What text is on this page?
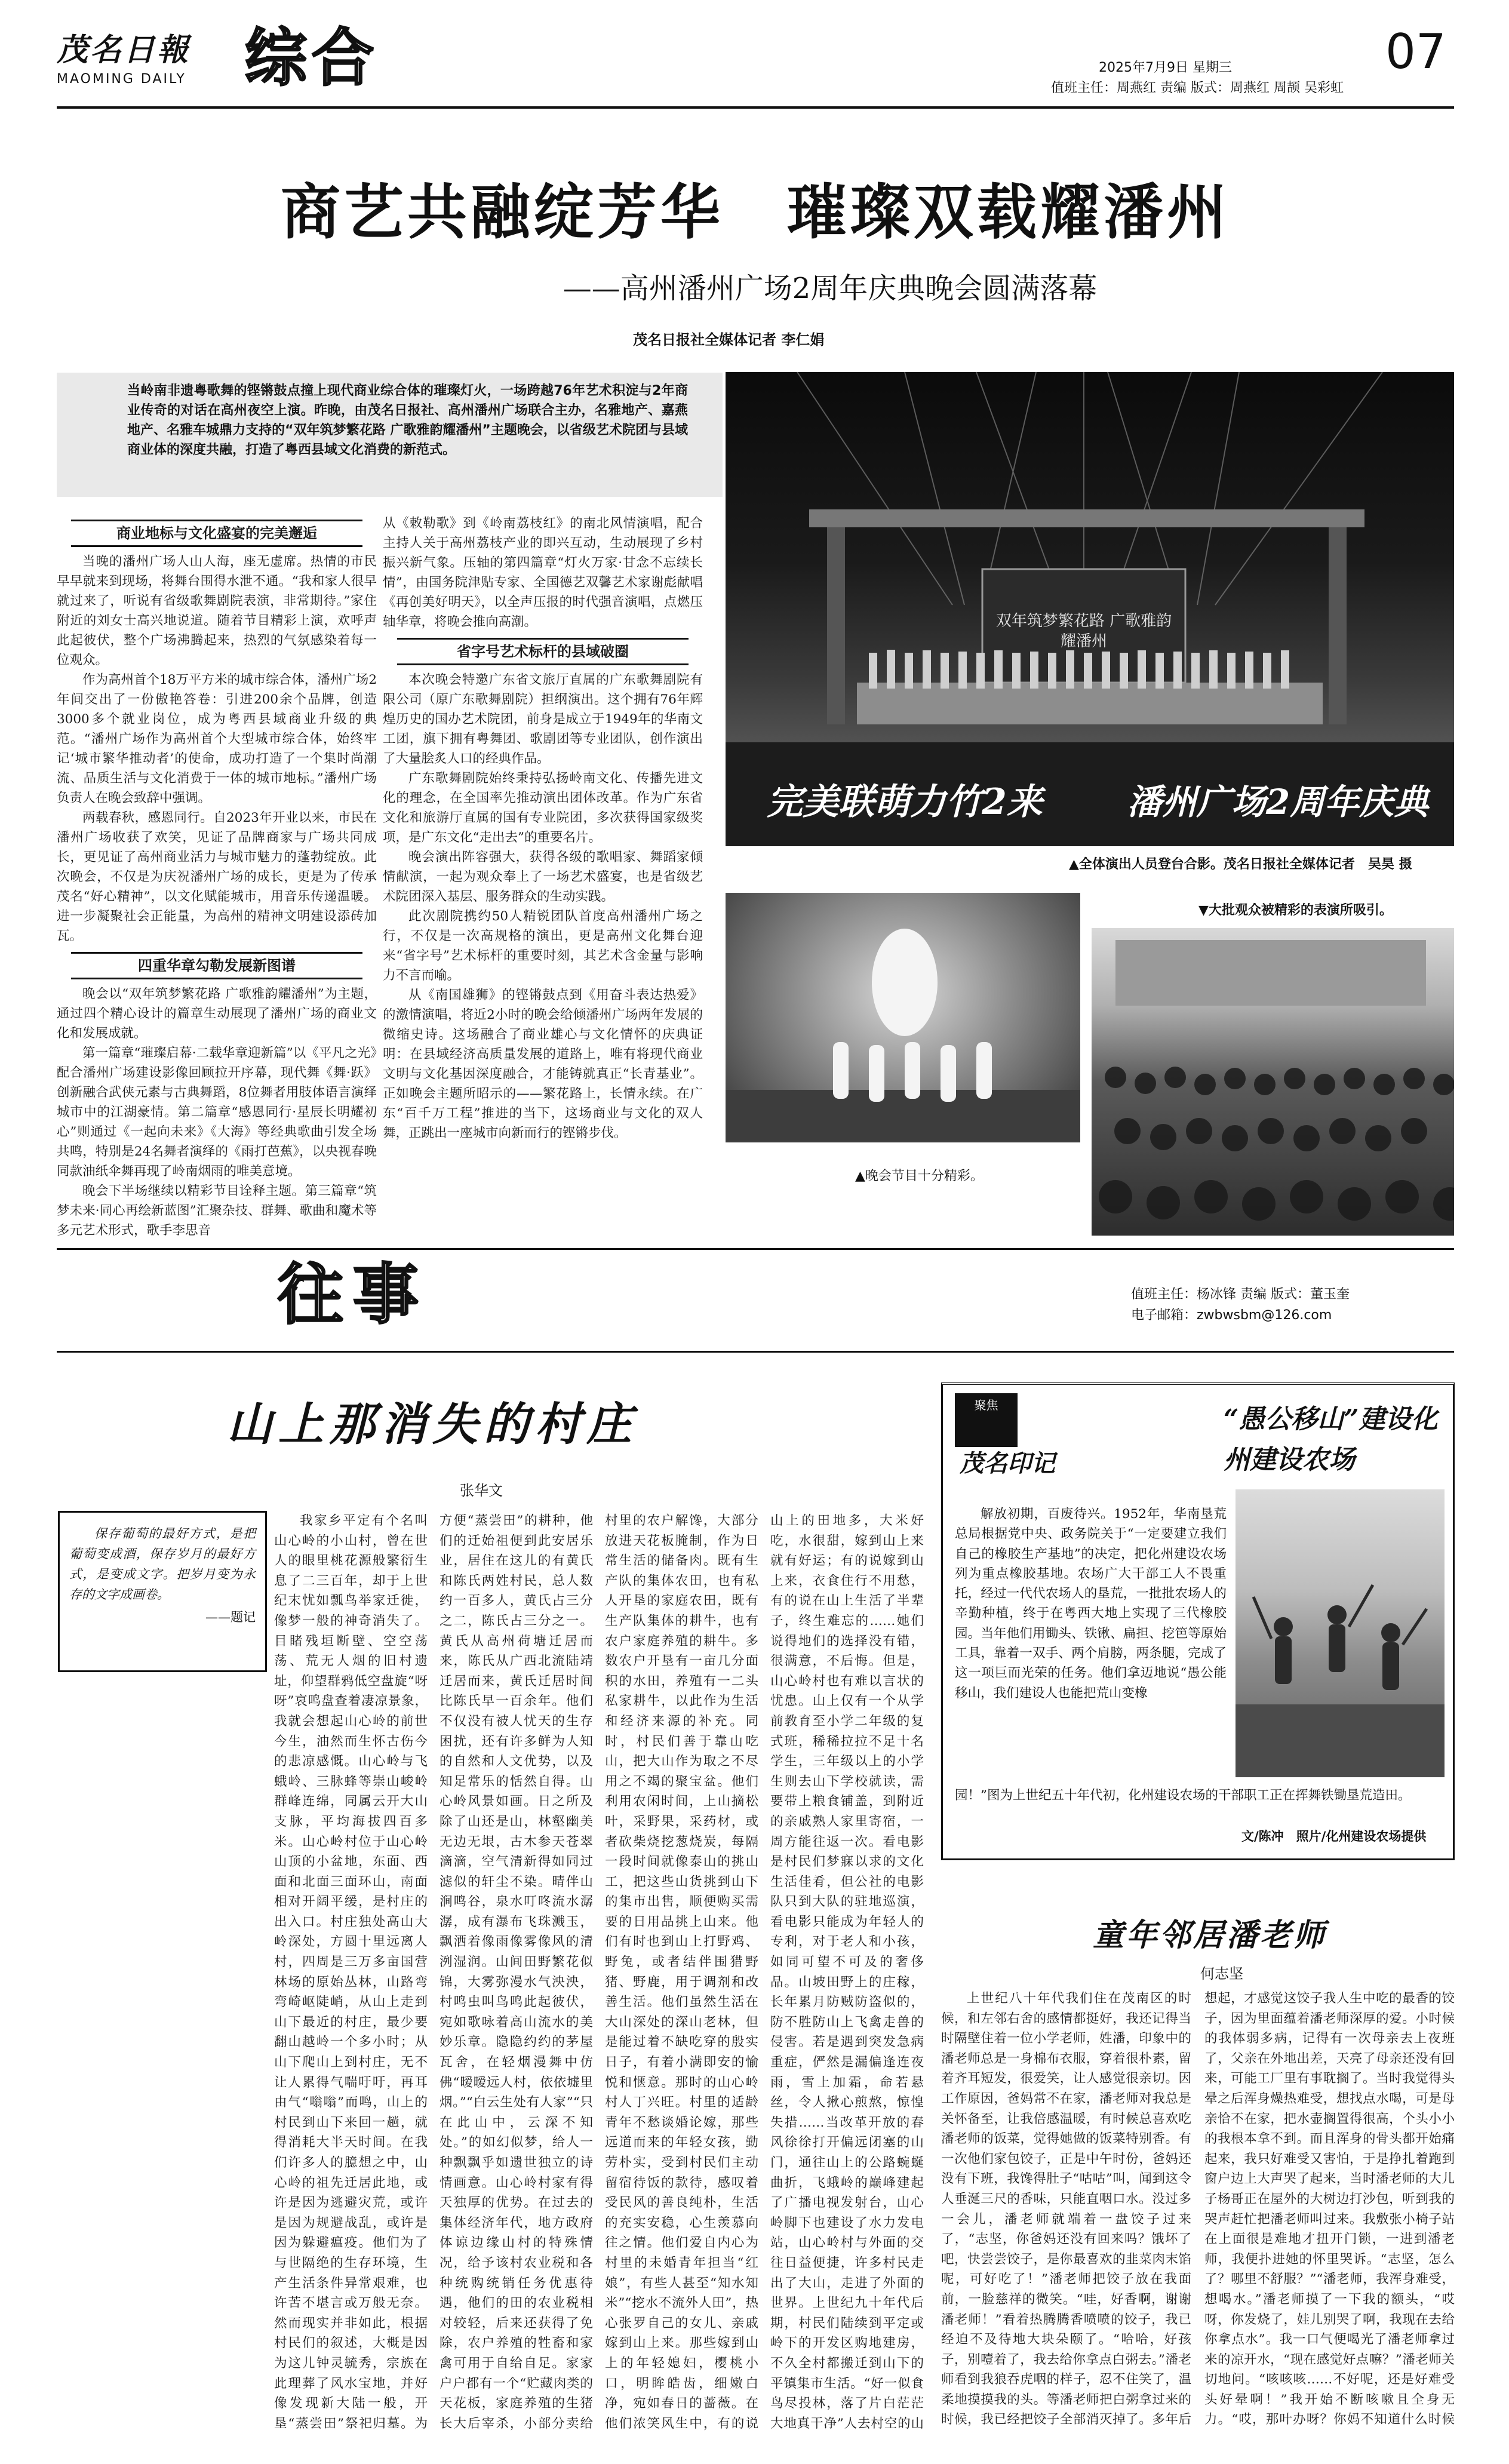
茂名日報
MAOMING DAILY 综合	2025年7月9日 星期三	07
值班主任：周燕红 责编 版式：周燕红 周颉 吴彩虹
商艺共融绽芳华　璀璨双载耀潘州
——高州潘州广场2周年庆典晚会圆满落幕
茂名日报社全媒体记者 李仁娟
当岭南非遗粤歌舞的铿锵鼓点撞上现代商业综合体的璀璨灯火，一场跨越76年艺术积淀与2年商业传奇的对话在高州夜空上演。昨晚，由茂名日报社、高州潘州广场联合主办，名雅地产、嘉燕地产、名雅车城鼎力支持的“双年筑梦繁花路 广歌雅韵耀潘州”主题晚会，以省级艺术院团与县域商业体的深度共融，打造了粤西县域文化消费的新范式。
商业地标与文化盛宴的完美邂逅

当晚的潘州广场人山人海，座无虚席。热情的市民早早就来到现场，将舞台围得水泄不通。“我和家人很早就过来了，听说有省级歌舞剧院表演，非常期待。”家住附近的刘女士高兴地说道。随着节目精彩上演，欢呼声此起彼伏，整个广场沸腾起来，热烈的气氛感染着每一位观众。

作为高州首个18万平方米的城市综合体，潘州广场2年间交出了一份傲艳答卷：引进200余个品牌，创造3000多个就业岗位，成为粤西县域商业升级的典范。“潘州广场作为高州首个大型城市综合体，始终牢记‘城市繁华推动者’的使命，成功打造了一个集时尚潮流、品质生活与文化消费于一体的城市地标。”潘州广场负责人在晚会致辞中强调。

两载春秋，感恩同行。自2023年开业以来，市民在潘州广场收获了欢笑，见证了品牌商家与广场共同成长，更见证了高州商业活力与城市魅力的蓬勃绽放。此次晚会，不仅是为庆祝潘州广场的成长，更是为了传承茂名“好心精神”，以文化赋能城市，用音乐传递温暖。进一步凝聚社会正能量，为高州的精神文明建设添砖加瓦。

四重华章勾勒发展新图谱

晚会以“双年筑梦繁花路 广歌雅韵耀潘州”为主题，通过四个精心设计的篇章生动展现了潘州广场的商业文化和发展成就。

第一篇章“璀璨启幕·二载华章迎新篇”以《平凡之光》配合潘州广场建设影像回顾拉开序幕，现代舞《舞·跃》创新融合武侠元素与古典舞蹈，8位舞者用肢体语言演绎城市中的江湖豪情。第二篇章“感恩同行·星辰长明耀初心”则通过《一起向未来》《大海》等经典歌曲引发全场共鸣，特别是24名舞者演绎的《雨打芭蕉》，以央视春晚同款油纸伞舞再现了岭南烟雨的唯美意境。

晚会下半场继续以精彩节目诠释主题。第三篇章“筑梦未来·同心再绘新蓝图”汇聚杂技、群舞、歌曲和魔术等多元艺术形式，歌手李思音

从《敕勒歌》到《岭南荔枝红》的南北风情演唱，配合主持人关于高州荔枝产业的即兴互动，生动展现了乡村振兴新气象。压轴的第四篇章“灯火万家·甘念不忘续长情”，由国务院津贴专家、全国德艺双馨艺术家谢彪献唱《再创美好明天》，以全声压报的时代强音演唱，点燃压轴华章，将晚会推向高潮。

省字号艺术标杆的县域破圈

本次晚会特邀广东省文旅厅直属的广东歌舞剧院有限公司（原广东歌舞剧院）担纲演出。这个拥有76年辉煌历史的国办艺术院团，前身是成立于1949年的华南文工团，旗下拥有粤舞团、歌剧团等专业团队，创作演出了大量脍炙人口的经典作品。

广东歌舞剧院始终秉持弘扬岭南文化、传播先进文化的理念，在全国率先推动演出团体改革。作为广东省文化和旅游厅直属的国有专业院团，多次获得国家级奖项，是广东文化“走出去”的重要名片。

晚会演出阵容强大，获得各级的歌唱家、舞蹈家倾情献演，一起为观众奉上了一场艺术盛宴，也是省级艺术院团深入基层、服务群众的生动实践。

此次剧院携约50人精锐团队首度高州潘州广场之行，不仅是一次高规格的演出，更是高州文化舞台迎来“省字号”艺术标杆的重要时刻，其艺术含金量与影响力不言而喻。

从《南国雄狮》的铿锵鼓点到《用奋斗表达热爱》的激情演唱，将近2小时的晚会给倾潘州广场两年发展的微缩史诗。这场融合了商业雄心与文化情怀的庆典证明：在县域经济高质量发展的道路上，唯有将现代商业文明与文化基因深度融合，才能铸就真正“长青基业”。正如晚会主题所昭示的——繁花路上，长情永续。在广东“百千万工程”推进的当下，这场商业与文化的双人舞，正跳出一座城市向新而行的铿锵步伐。

双年筑梦繁花路 广歌雅韵耀潘州
完美联萌力竹2来	潘州广场2周年庆典
▲全体演出人员登台合影。茂名日报社全媒体记者　吴昊 摄
▲晚会节目十分精彩。
▼大批观众被精彩的表演所吸引。
往事	值班主任：杨冰锋 责编 版式：董玉奎
电子邮箱：zwbwsbm@126.com
山上那消失的村庄
张华文
保存葡萄的最好方式，是把葡萄变成酒，保存岁月的最好方式，是变成文字。把岁月变为永存的文字成画卷。
——题记

我家乡平定有个名叫山心岭的小山村，曾在世人的眼里桃花源般繁衍生息了二三百年，却于上世纪末忧如瓢鸟举家迁徙，像梦一般的神奇消失了。目睹残垣断壁、空空荡荡、荒无人烟的旧村遗址，仰望群鸦低空盘旋“呀呀”哀鸣盘查着凄凉景象，我就会想起山心岭的前世今生，油然而生怀古伤今的悲凉感慨。山心岭与飞蛾岭、三脉蜂等崇山峻岭群峰连绵，同属云开大山支脉，平均海拔四百多米。山心岭村位于山心岭山顶的小盆地，东面、西面和北面三面环山，南面相对开阔平缓，是村庄的出入口。村庄独处高山大岭深处，方圆十里远离人村，四周是三万多亩国营林场的原始丛林，山路弯弯崎岖陡峭，从山上走到山下最近的村庄，最少要翻山越岭一个多小时；从山下爬山上到村庄，无不让人累得气喘吁吁，再耳由气“嗡嗡”而鸣，山上的村民到山下来回一趟，就得消耗大半天时间。在我们许多人的臆想之中，山心岭的祖先迁居此地，或许是因为逃避灾荒，或许是因为规避战乱，或许是因为躲避瘟疫。他们为了与世隔绝的生存环境，生产生活条件异常艰难，也许苦不堪言或万般无奈。然而现实并非如此，根据村民们的叙述，大概是因为这儿钟灵毓秀，宗族在此理葬了风水宝地，并好像发现新大陆一般，开垦“蒸尝田”祭祀归墓。为方便“蒸尝田”的耕种，他们的迁始祖便到此安居乐业，居住在这儿的有黄氏和陈氏两姓村民，总人数约一百多人，黄氏占三分之二，陈氏占三分之一。黄氏从高州荷塘迁居而来，陈氏从广西北流陆靖迁居而来，黄氏迁居时间比陈氏早一百余年。他们不仅没有被人忧天的生存困扰，还有许多鲜为人知的自然和人文优势，以及知足常乐的恬然自得。山心岭风景如画。日之所及除了山还是山，林壑幽美无边无垠，古木参天苍翠滴滴，空气清新得如同过滤似的轩尘不染。晴伴山涧鸣谷，泉水叮咚流水潺潺，成有瀑布飞珠溅玉，飘洒着像雨像雾像风的清洌湿润。山间田野繁花似锦，大雾弥漫水气泱泱，村鸣虫叫鸟鸣此起彼伏，宛如歌咏着高山流水的美妙乐章。隐隐约约的茅屋瓦舍，在轻烟漫舞中仿佛“暧暧远人村，依依墟里烟。”“白云生处有人家”“只在此山中，云深不知处。”的如幻似梦，给人一种飘飘乎如遗世独立的诗情画意。山心岭村家有得天独厚的优势。在过去的集体经济年代，地方政府体谅边缘山村的特殊情况，给予该村农业税和各种统购统销任务优惠待遇，他们的田的农业税相对较轻，后来还获得了免除，农户养殖的牲畜和家禽可用于自给自足。家家户户都有一个“贮藏肉类的天花板，家庭养殖的生猪长大后宰杀，小部分卖给村里的农户解馋，大部分放进天花板腌制，作为日常生活的储备肉。既有生产队的集体农田，也有私人开垦的家庭农田，既有生产队集体的耕牛，也有农户家庭养殖的耕牛。多数农户开垦有一亩几分面积的水田，养殖有一二头私家耕牛，以此作为生活和经济来源的补充。同时，村民们善于靠山吃山，把大山作为取之不尽用之不竭的聚宝盆。他们利用农闲时间，上山摘松叶，采野果，采药材，或者砍柴烧挖葱烧炭，每隔一段时间就像泰山的挑山工，把这些山货挑到山下的集市出售，顺便购买需要的日用品挑上山来。他们有时也到山上打野鸡、野兔，或者结伴围猎野猪、野鹿，用于调剂和改善生活。他们虽然生活在大山深处的深山老林，但是能过着不缺吃穿的殷实日子，有着小满即安的愉悦和惬意。那时的山心岭村人丁兴旺。村里的适龄青年不愁谈婚论嫁，那些远道而来的年轻女孩，勤劳朴实，受到村民们主动留宿待饭的款待，感叹着受民风的善良纯朴，生活的充实安稳，心生羡慕向往之情。他们爱自内心为村里的未婚青年担当“红娘”，有些人甚至“知水知米”“挖水不流外人田”，热心张罗自己的女儿、亲戚嫁到山上来。那些嫁到山上的年轻媳妇，樱桃小口，明眸皓齿，细嫩白净，宛如春日的蔷薇。在他们浓笑风生中，有的说山上的田地多，大米好吃，水很甜，嫁到山上来就有好运；有的说嫁到山上来，衣食住行不用愁，有的说在山上生活了半辈子，终生难忘的……她们说得地们的选择没有错，很满意，不后悔。但是，山心岭村也有难以言状的忧患。山上仅有一个从学前教育至小学二年级的复式班，稀稀拉拉不足十名学生，三年级以上的小学生则去山下学校就读，需要带上粮食铺盖，到附近的亲戚熟人家里寄宿，一周方能往返一次。看电影是村民们梦寐以求的文化生活佳肴，但公社的电影队只到大队的驻地巡演，看电影只能成为年轻人的专利，对于老人和小孩，如同可望不可及的奢侈品。山坡田野上的庄稼，长年累月防贼防盗似的，防不胜防山上飞禽走兽的侵害。若是遇到突发急病重症，俨然是漏偏逢连夜雨，雪上加霜，命若悬丝，令人揪心煎熬，惊惶失措……当改革开放的春风徐徐打开偏远闭塞的山门，通往山上的公路蜿蜒曲折，飞蛾岭的巅峰建起了广播电视发射台，山心岭脚下也建设了水力发电站，山心岭村与外面的交往日益便捷，许多村民走出了大山，走进了外面的世界。上世纪九十年代后期，村民们陆续到平定或岭下的开发区购地建房，不久全村都搬迁到山下的平镇集市生活。“好一似食鸟尽投林，落了片白茫茫大地真干净”人去村空的山

聚焦
茂名印记
“愚公移山”建设化州建设农场
解放初期，百废待兴。1952年，华南垦荒总局根据党中央、政务院关于“一定要建立我们自己的橡胶生产基地”的决定，把化州建设农场列为重点橡胶基地。农场广大干部工人不畏重托，经过一代代农场人的垦荒，一批批农场人的辛勤种植，终于在粤西大地上实现了三代橡胶园。当年他们用锄头、铁锹、扁担、挖笆等原始工具，靠着一双手、两个肩膀，两条腿，完成了这一项巨而光荣的任务。他们拿迈地说“愚公能移山，我们建设人也能把荒山变橡
园！”图为上世纪五十年代初，化州建设农场的干部职工正在挥舞铁锄垦荒造田。
文/陈冲　照片/化州建设农场提供
童年邻居潘老师
何志坚

上世纪八十年代我们住在茂南区的时候，和左邻右舍的感情都挺好，我还记得当时隔壁住着一位小学老师，姓潘，印象中的潘老师总是一身棉布衣服，穿着很朴素，留着齐耳短发，很爱笑，让人感觉很亲切。因工作原因，爸妈常不在家，潘老师对我总是关怀备至，让我倍感温暖，有时候总喜欢吃潘老师的饭菜，觉得她做的饭菜特别香。有一次他们家包饺子，正是中午时份，爸妈还没有下班，我馋得肚子“咕咕”叫，闻到这令人垂涎三尺的香味，只能直咽口水。没过多一会儿，潘老师就端着一盘饺子过来了，“志坚，你爸妈还没有回来吗？饿坏了吧，快尝尝饺子，是你最喜欢的韭菜肉末馅呢，可好吃了！”潘老师把饺子放在我面前，一脸慈祥的微笑。“哇，好香啊，谢谢潘老师！”看着热腾腾香喷喷的饺子，我已经迫不及待地大块朵颐了。“哈哈，好孩子，别噎着了，我去给你拿点白粥去。”潘老师看到我狼吞虎咽的样子，忍不住笑了，温柔地摸摸我的头。等潘老师把白粥拿过来的时候，我已经把饺子全部消灭掉了。多年后想起，才感觉这饺子我人生中吃的最香的饺子，因为里面蕴着潘老师深厚的爱。小时候的我体弱多病，记得有一次母亲去上夜班了，父亲在外地出差，天亮了母亲还没有回来，可能工厂里有事耽搁了。当时我觉得头晕之后浑身燥热难受，想找点水喝，可是母亲恰不在家，把水壶搁置得很高，个头小小的我根本拿不到。而且浑身的骨头都开始痛起来，我只好难受又害怕，于是挣扎着跑到窗户边上大声哭了起来，当时潘老师的大儿子杨哥正在屋外的大树边打沙包，听到我的哭声赶忙把潘老师叫过来。我敷张小椅子站在上面很是难地才扭开门锁，一进到潘老师，我便扑进她的怀里哭诉。“志坚，怎么了？哪里不舒服？”“潘老师，我浑身难受，想喝水。”潘老师摸了一下我的额头，“哎呀，你发烧了，娃儿别哭了啊，我现在去给你拿点水”。我一口气便喝光了潘老师拿过来的凉开水，“现在感觉好点嘛？”潘老师关切地问。“咳咳咳……不好呢，还是好难受头好晕啊！”我开始不断咳嗽且全身无力。“哎，那叶办呀？你妈不知道什么时候
